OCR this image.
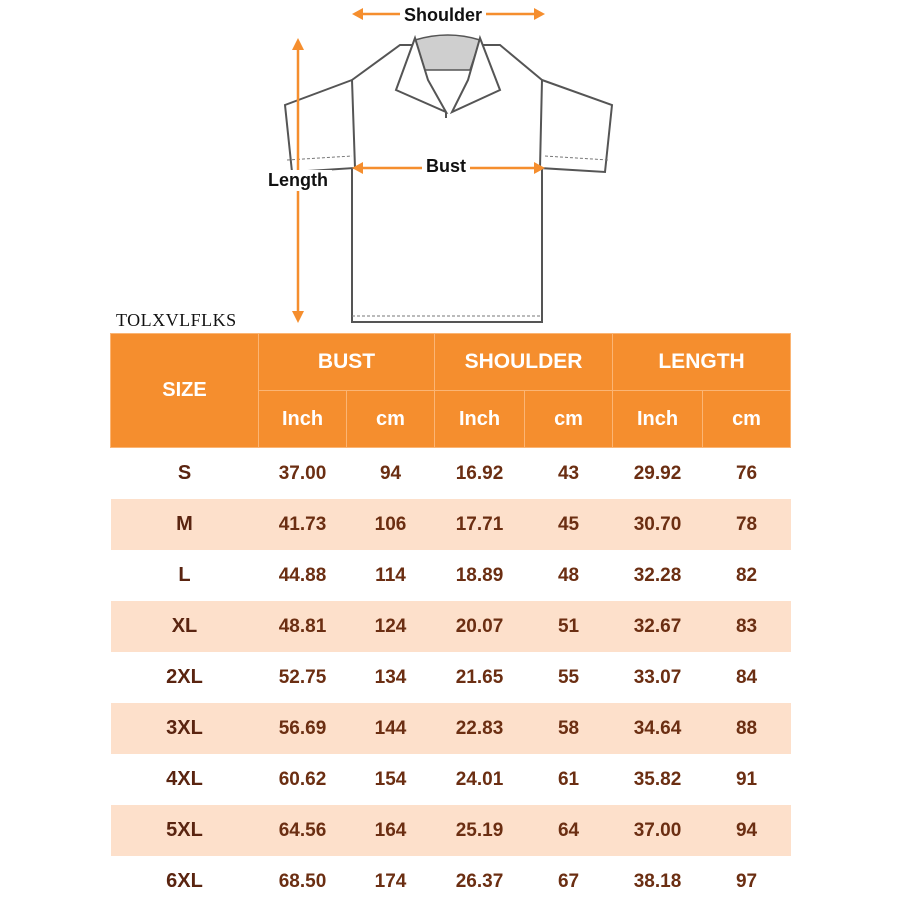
Shoulder
Bust
Length
TOLXVLFLKS
SIZE	BUST		SHOULDER		LENGTH	
	Inch	cm	Inch	cm	Inch	cm
S	37.00	94	16.92	43	29.92	76
M	41.73	106	17.71	45	30.70	78
L	44.88	114	18.89	48	32.28	82
XL	48.81	124	20.07	51	32.67	83
2XL	52.75	134	21.65	55	33.07	84
3XL	56.69	144	22.83	58	34.64	88
4XL	60.62	154	24.01	61	35.82	91
5XL	64.56	164	25.19	64	37.00	94
6XL	68.50	174	26.37	67	38.18	97
